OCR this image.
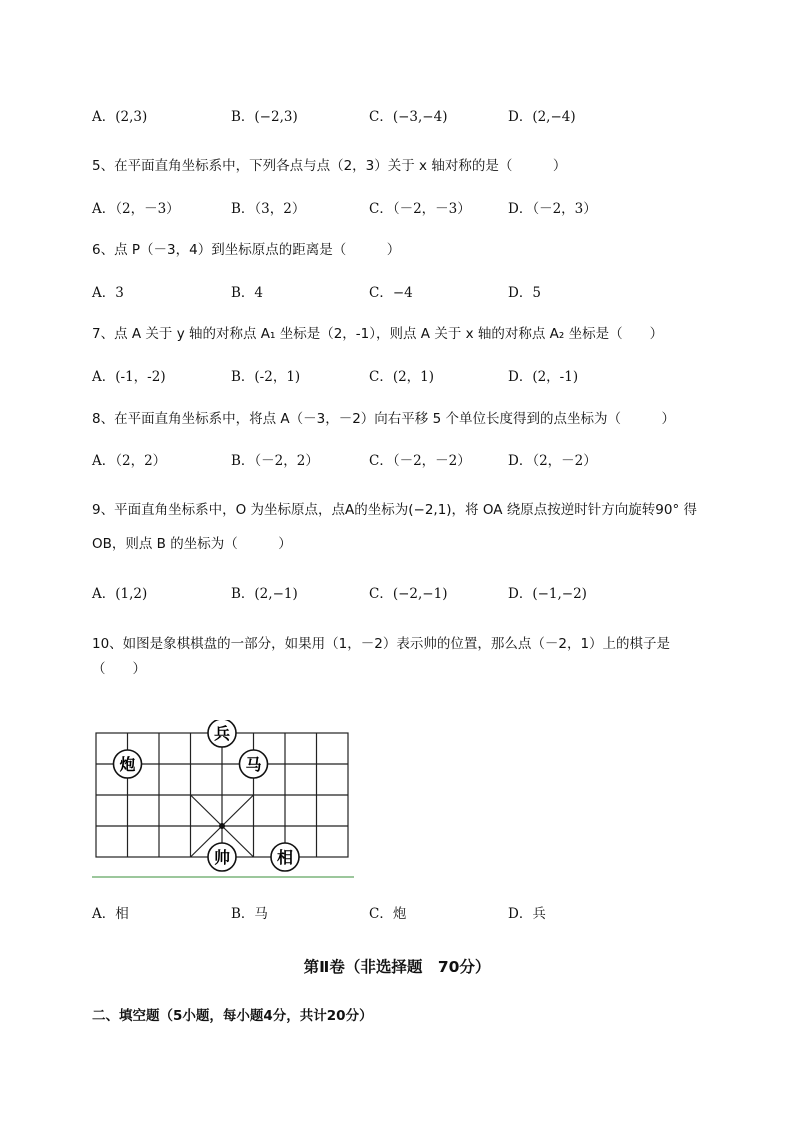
A．(2,3)	B．(−2,3)	C．(−3,−4)	D．(2,−4)
5、在平面直角坐标系中，下列各点与点（2，3）关于 x 轴对称的是（　　　）
A．（2，－3）	B．（3，2）	C．（－2，－3）	D．（－2，3）
6、点 P（－3，4）到坐标原点的距离是（　　　）
A．3	B．4	C．−4	D．5
7、点 A 关于 y 轴的对称点 A₁ 坐标是（2，-1），则点 A 关于 x 轴的对称点 A₂ 坐标是（　　）
A．(-1，-2)	B．(-2，1)	C．(2，1)	D．(2，-1)
8、在平面直角坐标系中，将点 A（－3，－2）向右平移 5 个单位长度得到的点坐标为（　　　）
A．（2，2）	B．（－2，2）	C．（－2，－2）	D．（2，－2）
9、平面直角坐标系中，O 为坐标原点，点A的坐标为(−2,1)，将 OA 绕原点按逆时针方向旋转90° 得
OB，则点 B 的坐标为（　　　）
A．(1,2)	B．(2,−1)	C．(−2,−1)	D．(−1,−2)
10、如图是象棋棋盘的一部分，如果用（1，－2）表示帅的位置，那么点（－2，1）上的棋子是
（　　）
兵
炮	马
帅	相
A．相	B．马	C．炮	D．兵
第Ⅱ卷（非选择题　70分）
二、填空题（5小题，每小题4分，共计20分）
